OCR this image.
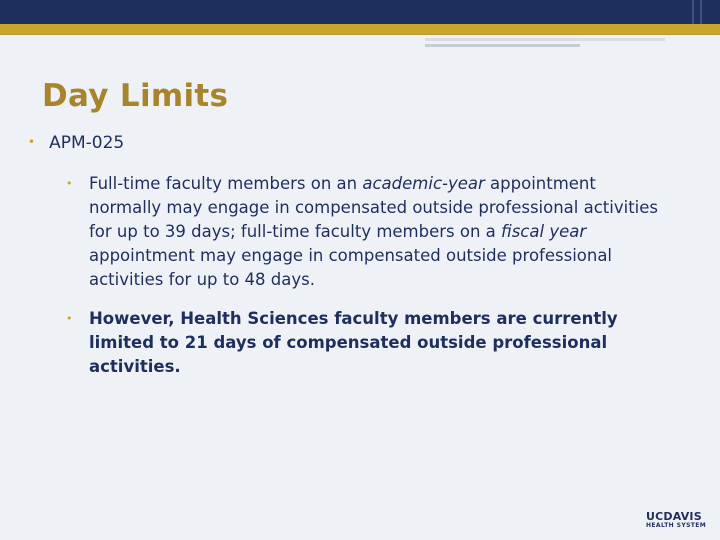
Day Limits
• APM-025
• Full-time faculty members on an academic-year appointment normally may engage in compensated outside professional activities for up to 39 days; full-time faculty members on a fiscal year appointment may engage in compensated outside professional activities for up to 48 days.
• However, Health Sciences faculty members are currently limited to 21 days of compensated outside professional activities.
UCDAVIS
HEALTH SYSTEM
